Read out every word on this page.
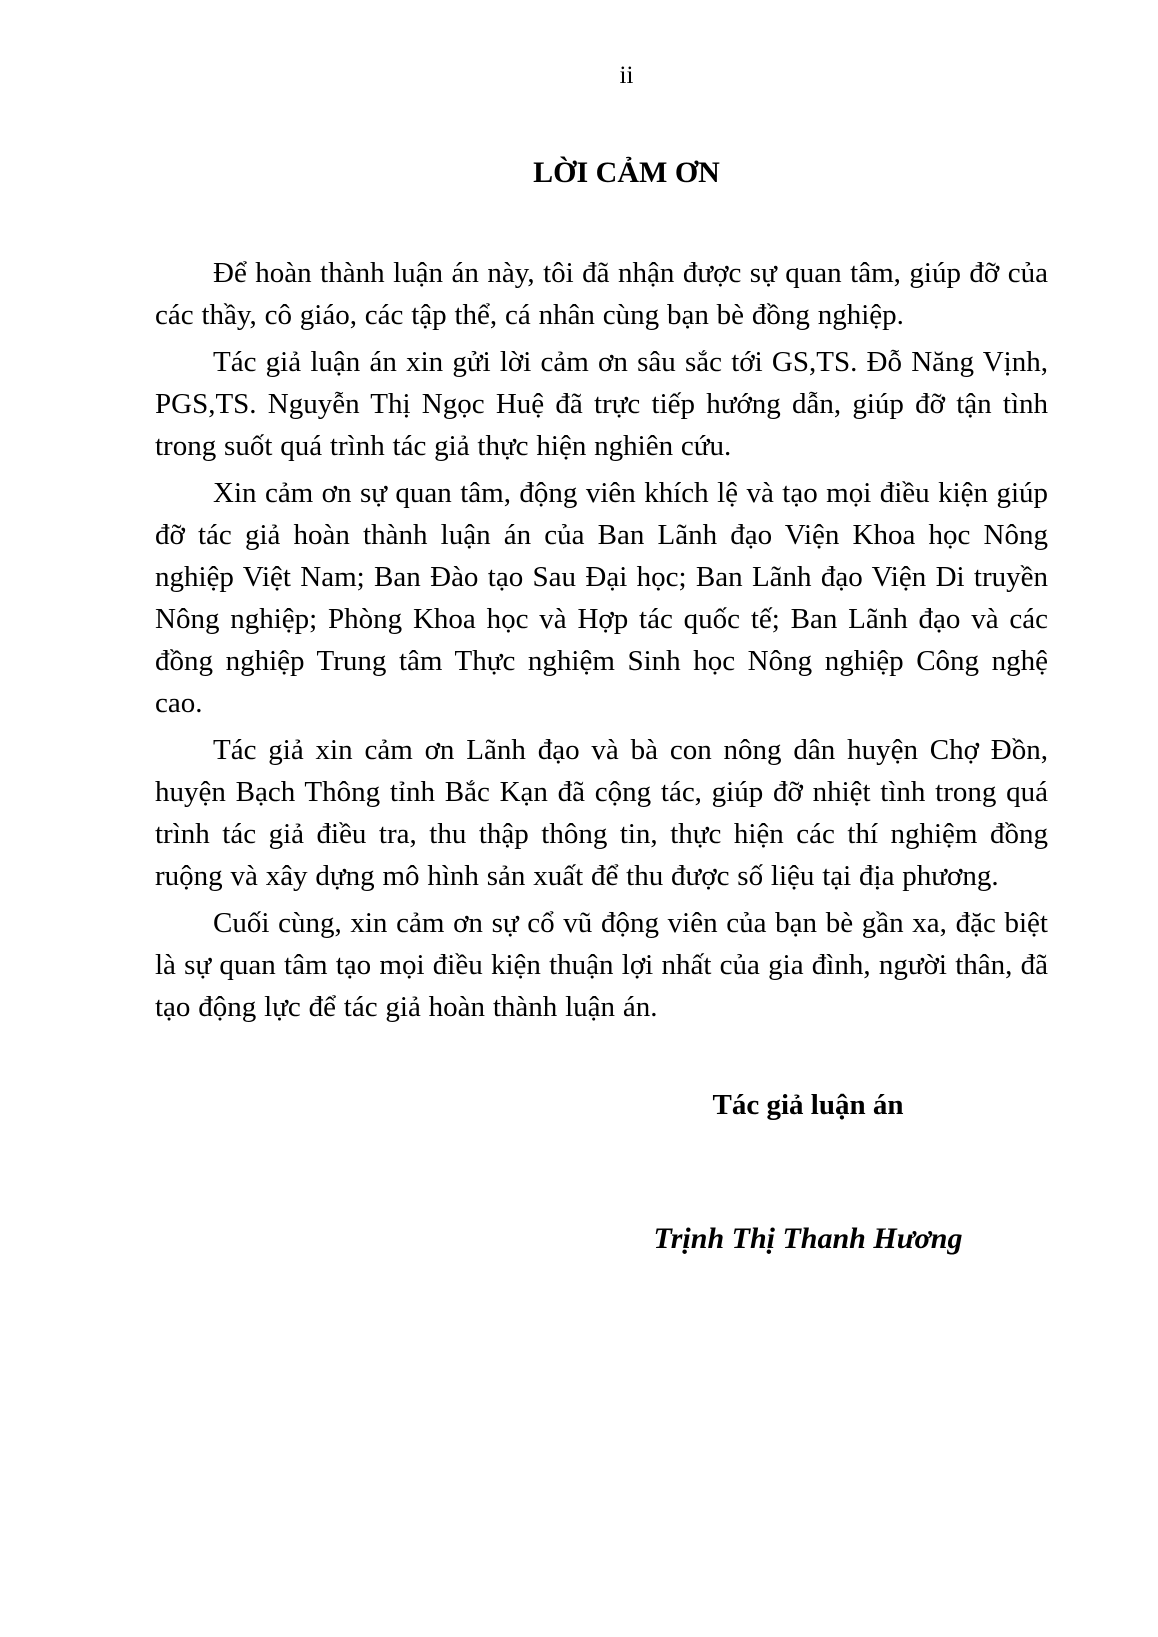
ii
LỜI CẢM ƠN

Để hoàn thành luận án này, tôi đã nhận được sự quan tâm, giúp đỡ của các thầy, cô giáo, các tập thể, cá nhân cùng bạn bè đồng nghiệp.

Tác giả luận án xin gửi lời cảm ơn sâu sắc tới GS,TS. Đỗ Năng Vịnh, PGS,TS. Nguyễn Thị Ngọc Huệ đã trực tiếp hướng dẫn, giúp đỡ tận tình trong suốt quá trình tác giả thực hiện nghiên cứu.

Xin cảm ơn sự quan tâm, động viên khích lệ và tạo mọi điều kiện giúp đỡ tác giả hoàn thành luận án của Ban Lãnh đạo Viện Khoa học Nông nghiệp Việt Nam; Ban Đào tạo Sau Đại học; Ban Lãnh đạo Viện Di truyền Nông nghiệp; Phòng Khoa học và Hợp tác quốc tế; Ban Lãnh đạo và các đồng nghiệp Trung tâm Thực nghiệm Sinh học Nông nghiệp Công nghệ cao.

Tác giả xin cảm ơn Lãnh đạo và bà con nông dân huyện Chợ Đồn, huyện Bạch Thông tỉnh Bắc Kạn đã cộng tác, giúp đỡ nhiệt tình trong quá trình tác giả điều tra, thu thập thông tin, thực hiện các thí nghiệm đồng ruộng và xây dựng mô hình sản xuất để thu được số liệu tại địa phương.

Cuối cùng, xin cảm ơn sự cổ vũ động viên của bạn bè gần xa, đặc biệt là sự quan tâm tạo mọi điều kiện thuận lợi nhất của gia đình, người thân, đã tạo động lực để tác giả hoàn thành luận án.

Tác giả luận án
Trịnh Thị Thanh Hương
